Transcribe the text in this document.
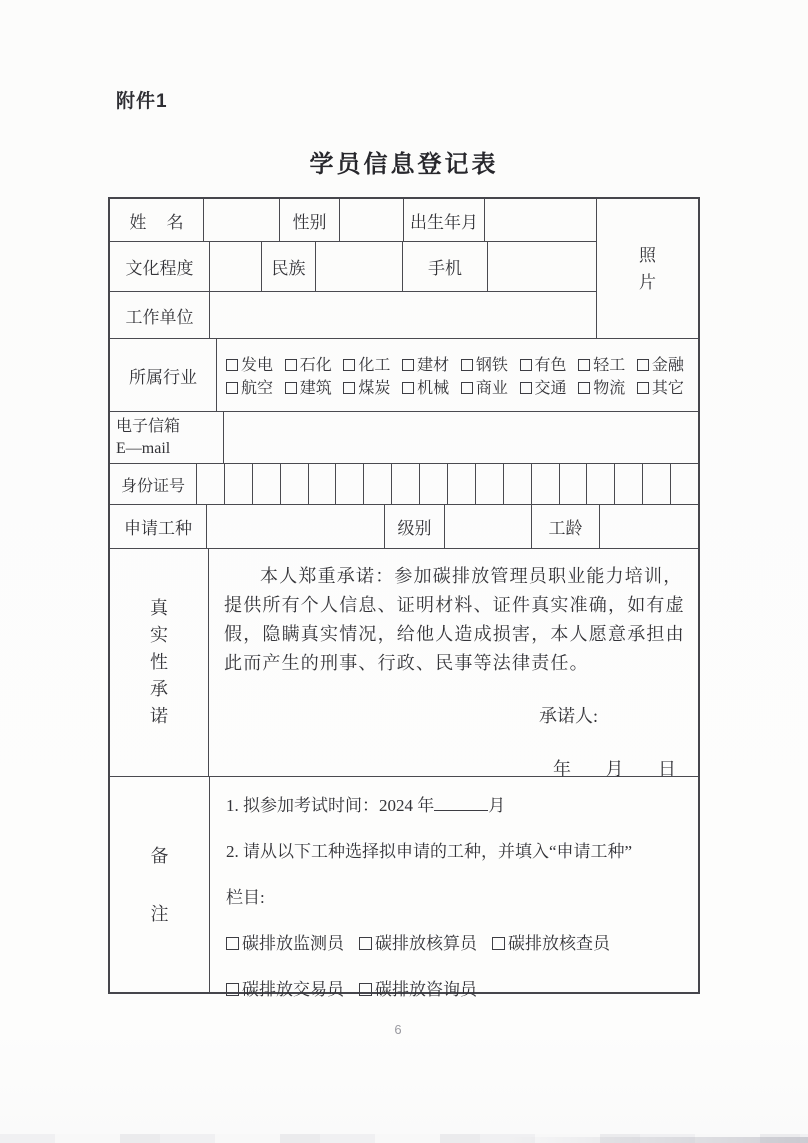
附件1
学员信息登记表
姓 名	性别	出生年月
文化程度	民族	手机
工作单位
照片
所属行业
发电	石化	化工	建材	钢铁	有色	轻工	金融
航空	建筑	煤炭	机械	商业	交通	物流	其它
电子信箱
E—mail
身份证号
申请工种	级别	工龄
真实性承诺

本人郑重承诺：参加碳排放管理员职业能力培训，提供所有个人信息、证明材料、证件真实准确，如有虚假，隐瞒真实情况，给他人造成损害，本人愿意承担由此而产生的刑事、行政、民事等法律责任。

承诺人:
年 月 日
备注
1. 拟参加考试时间：2024 年	月
2. 请从以下工种选择拟申请的工种，并填入“申请工种”
栏目:
碳排放监测员	碳排放核算员	碳排放核查员
碳排放交易员	碳排放咨询员
6
